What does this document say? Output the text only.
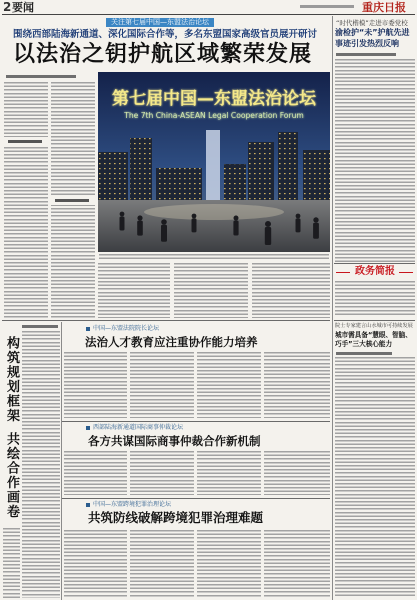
2 要闻	重庆日报
关注第七届中国—东盟法治论坛
围绕西部陆海新通道、深化国际合作等，多名东盟国家高级官员展开研讨
以法治之钥护航区域繁荣发展
第七届中国—东盟法治论坛
The 7th China-ASEAN Legal Cooperation Forum
“时代楷模”走进市委党校
渝检护“未”护航先进
事迹引发热烈反响
政务简报
院士专家建言山水城市可持续发展
城市需具备“慧眼、智脑、
巧手”三大核心能力
构筑规划框架
共绘合作画卷
中国—东盟法院院长论坛
法治人才教育应注重协作能力培养
西部陆海新通道国际商事仲裁论坛
各方共谋国际商事仲裁合作新机制
中国—东盟跨境犯罪治理论坛
共筑防线破解跨境犯罪治理难题
